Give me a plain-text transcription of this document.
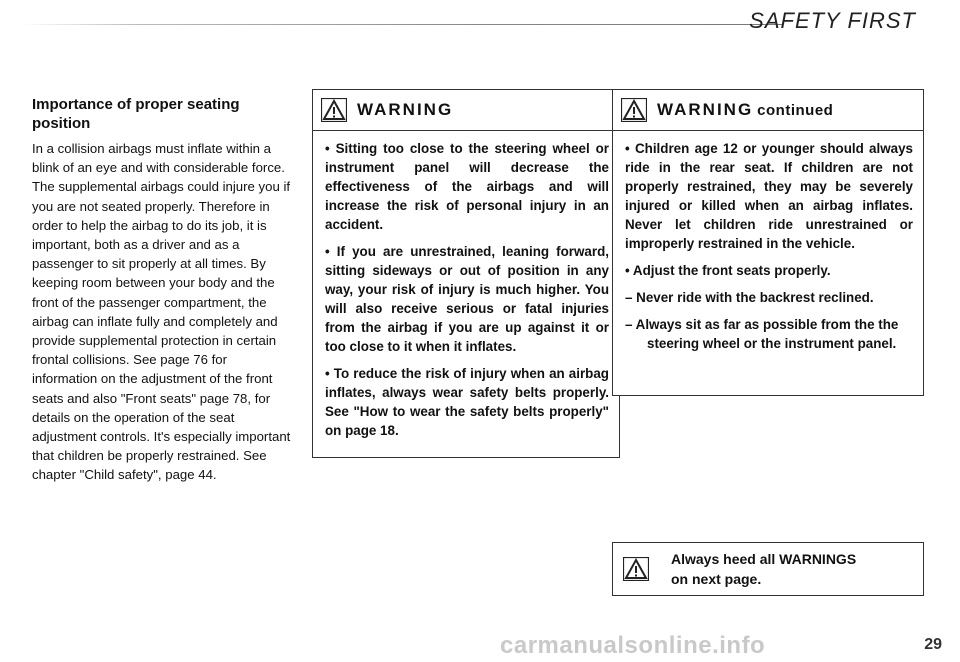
SAFETY FIRST

Importance of proper seating position

In a collision airbags must inflate within a blink of an eye and with considerable force. The supplemental airbags could injure you if you are not seated properly. Therefore in order to help the airbag to do its job, it is important, both as a driver and as a passenger to sit properly at all times. By keeping room between your body and the front of the passenger compartment, the airbag can inflate fully and completely and provide supplemental protection in certain frontal collisions. See page 76 for information on the adjustment of the front seats and also "Front seats" page 78, for details on the operation of the seat adjustment controls. It's especially important that children be properly restrained. See chapter "Child safety", page 44.

WARNING

• Sitting too close to the steering wheel or instrument panel will decrease the effectiveness of the airbags and will increase the risk of personal injury in an accident.

• If you are unrestrained, leaning forward, sitting sideways or out of position in any way, your risk of injury is much higher. You will also receive serious or fatal injuries from the airbag if you are up against it or too close to it when it inflates.

• To reduce the risk of injury when an airbag inflates, always wear safety belts properly. See "How to wear the safety belts properly" on page 18.

WARNING continued

• Children age 12 or younger should always ride in the rear seat. If children are not properly restrained, they may be severely injured or killed when an airbag inflates. Never let children ride unrestrained or improperly restrained in the vehicle.

• Adjust the front seats properly.

– Never ride with the backrest reclined.

– Always sit as far as possible from the the steering wheel or the instrument panel.

Always heed all WARNINGS
on next page.
carmanualsonline.info	29
